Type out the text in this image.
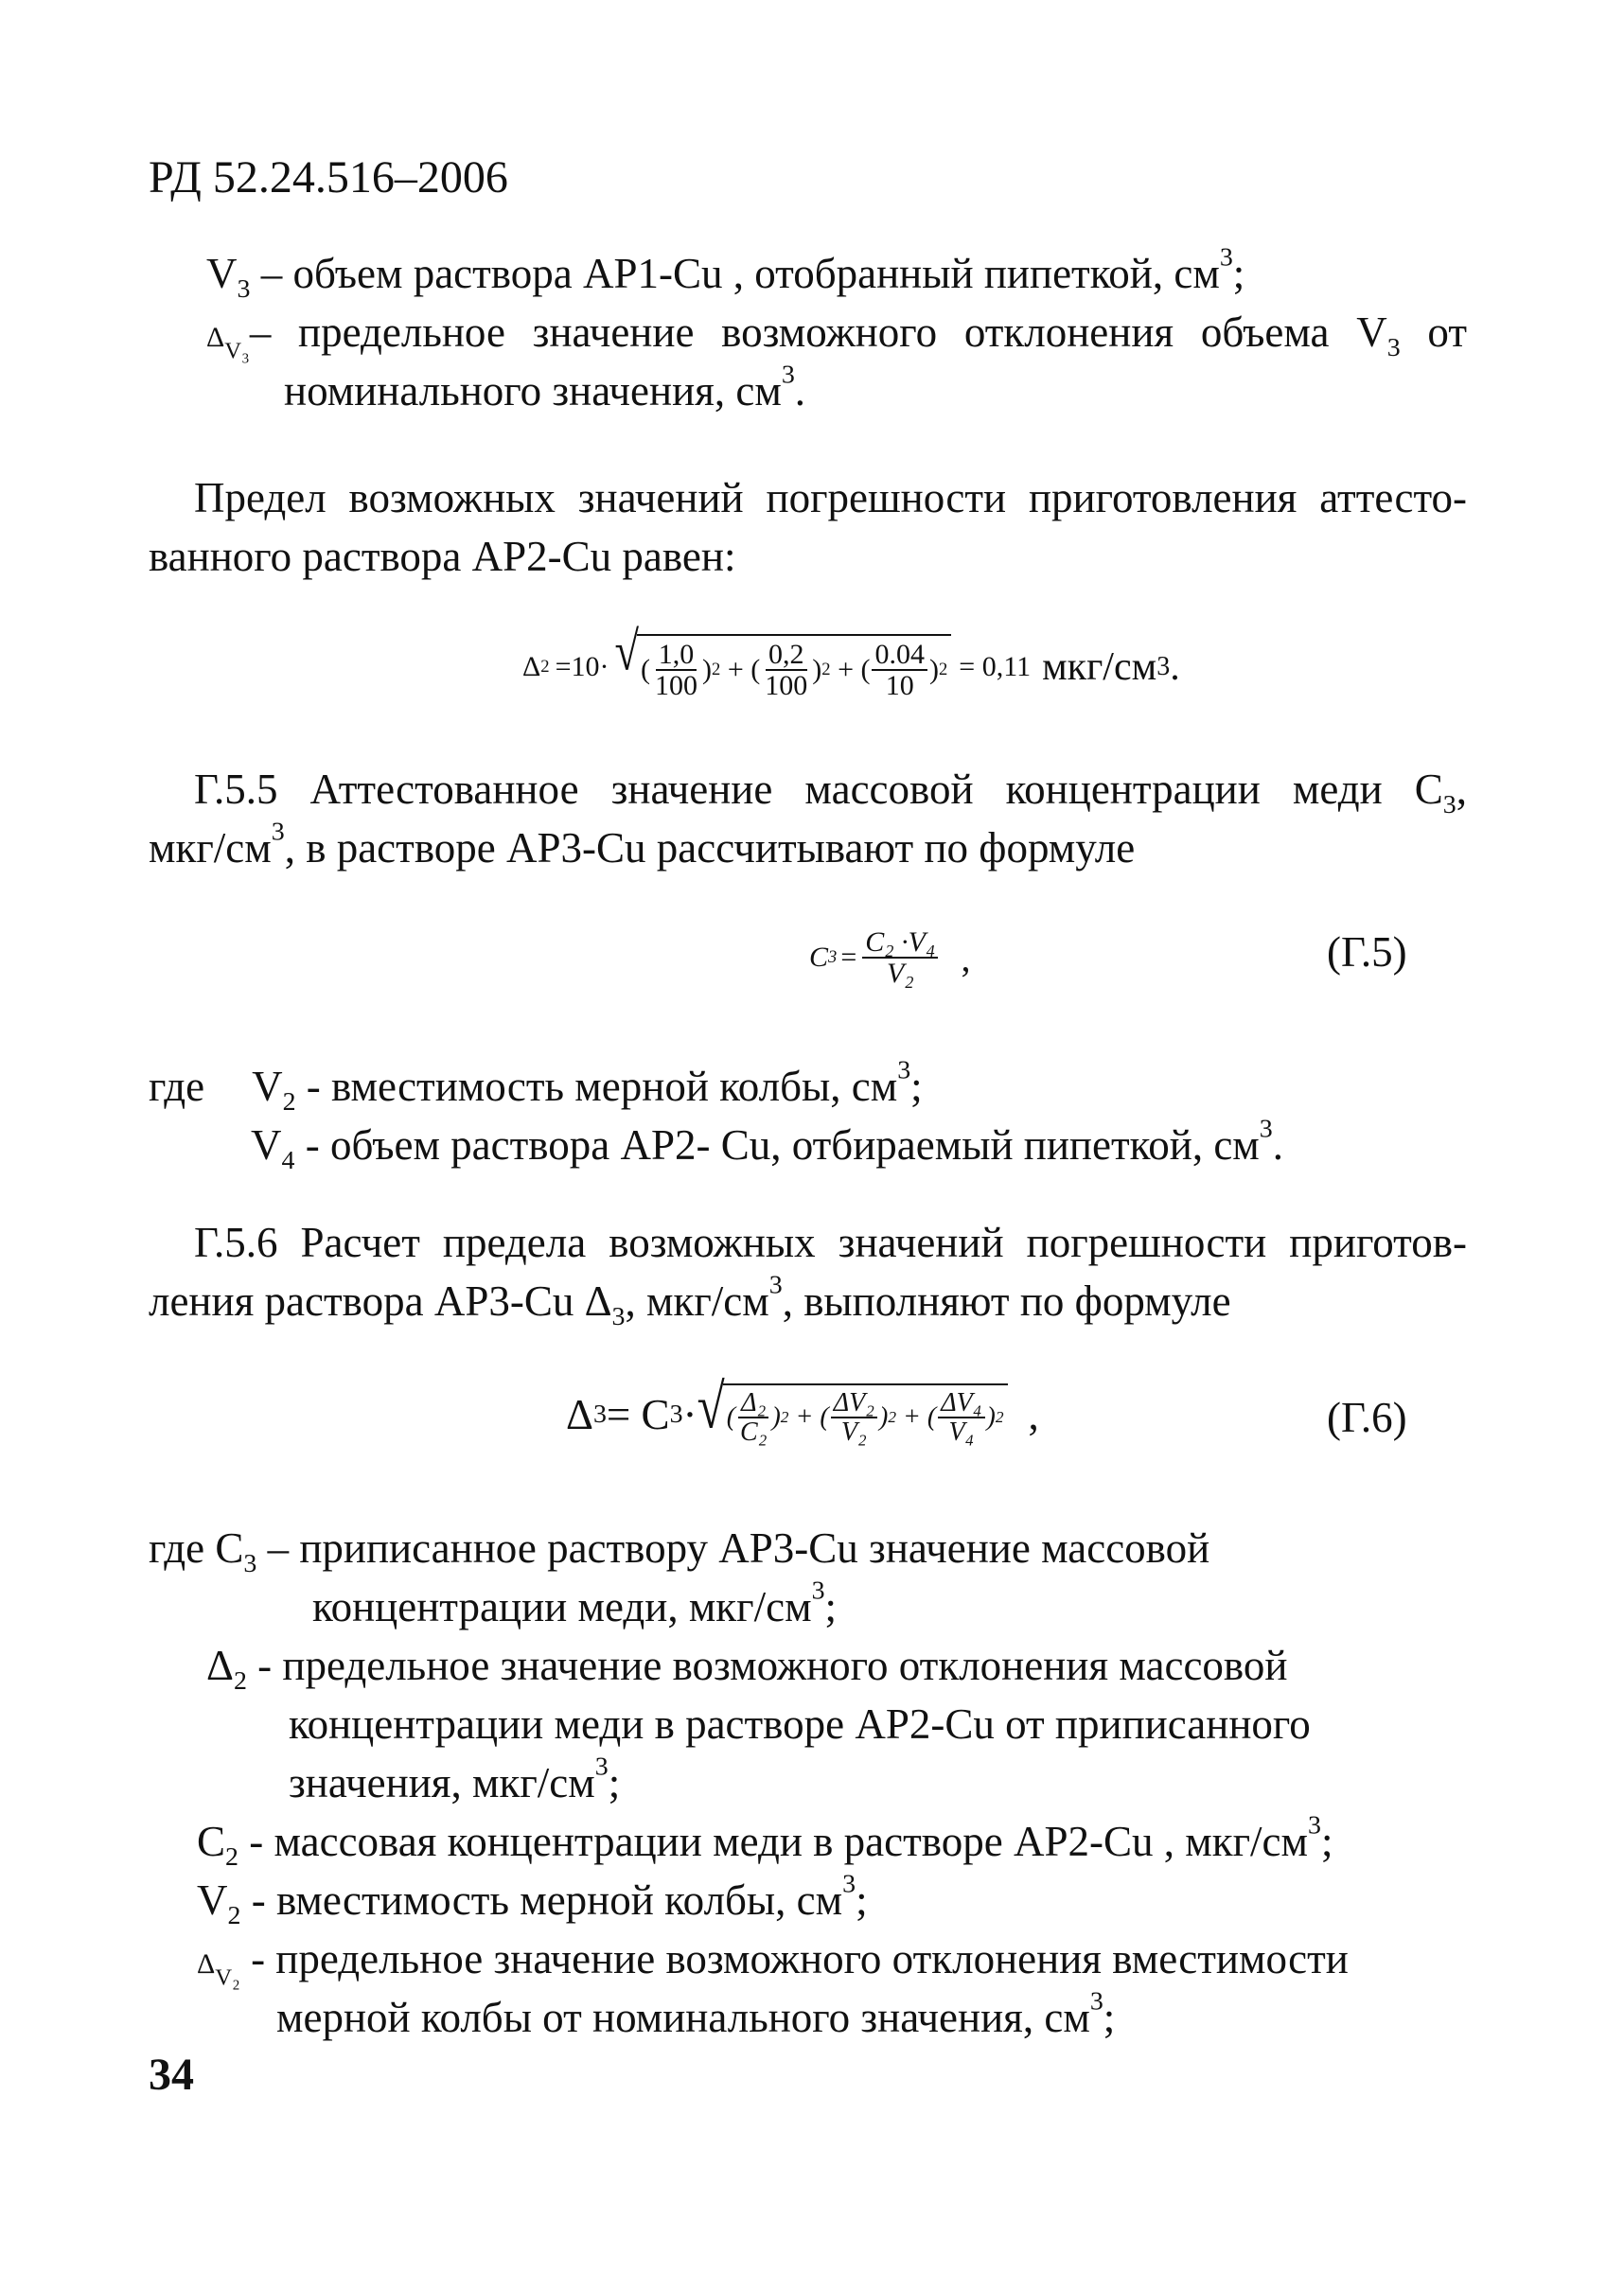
РД 52.24.516–2006
$V_3$ – объем раствора АР1-Cu , отобранный пипеткой, $см^3$;
$\Delta_{V_3}-$ предельное значение возможного отклонения объема $V_3$ от
номинального значения, $см^3$.
Предел возможных значений погрешности приготовления аттесто-
ванного раствора АР2-Cu равен:
Δ 2 =10· √ ( $\frac{1,0}{100}$ ) 2 + ( $\frac{0,2}{100}$ ) 2 + ( $\frac{0.04}{10}$ ) 2 = 0,11 мкг/см 3 .
Г.5.5 Аттестованное значение массовой концентрации меди $С_3$,
мкг/$см^3$, в растворе АР3-Cu рассчитывают по формуле
C $3 = \frac{\text{C₂ ·V₄}}{\text{V₂}}$ ,	(Г.5)
где $V_2$ - вместимость мерной колбы, $см^3$;
$V_4$ - объем раствора АР2- Cu, отбираемый пипеткой, $см^3$.
Г.5.6 Расчет предела возможных значений погрешности приготов-
ления раствора АР3-Cu $\Delta_3$, мкг/$см^3$, выполняют по формуле
Δ 3 = C 3 · √ ( $\frac{\text{Δ₂}}{\text{C₂}}$ ) 2 + ( $\frac{\text{ΔV₂}}{\text{V₂}}$ ) 2 + ( $\frac{\text{ΔV₄}}{\text{V₄}}$ ) 2 ,	(Г.6)
где $С_3$ – приписанное раствору АР3-Cu значение массовой
концентрации меди, мкг/$см^3$;
$\Delta_2$ - предельное значение возможного отклонения массовой
концентрации меди в растворе АР2-Cu от приписанного
значения, мкг/$см^3$;
$С_2$ - массовая концентрации меди в растворе АР2-Cu , мкг/$см^3$;
$V_2$ - вместимость мерной колбы, $см^3$;
$\Delta_{V_2}$ - предельное значение возможного отклонения вместимости
мерной колбы от номинального значения, $см^3$;
34
